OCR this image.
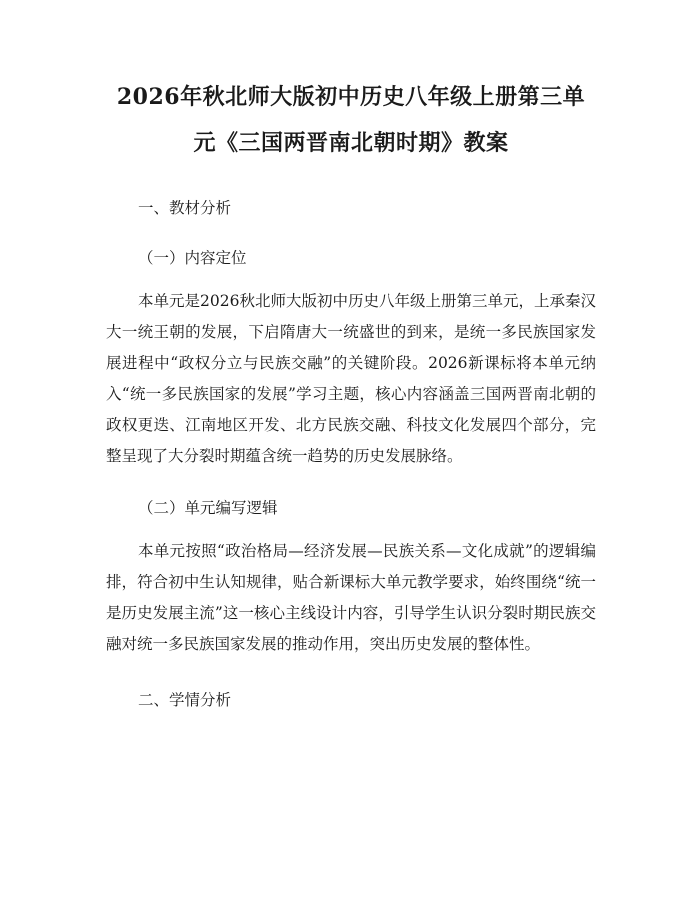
2026年秋北师大版初中历史八年级上册第三单元《三国两晋南北朝时期》教案
一、教材分析
（一）内容定位

本单元是2026秋北师大版初中历史八年级上册第三单元，上承秦汉大一统王朝的发展，下启隋唐大一统盛世的到来，是统一多民族国家发展进程中“政权分立与民族交融”的关键阶段。2026新课标将本单元纳入“统一多民族国家的发展”学习主题，核心内容涵盖三国两晋南北朝的政权更迭、江南地区开发、北方民族交融、科技文化发展四个部分，完整呈现了大分裂时期蕴含统一趋势的历史发展脉络。

（二）单元编写逻辑

本单元按照“政治格局—经济发展—民族关系—文化成就”的逻辑编排，符合初中生认知规律，贴合新课标大单元教学要求，始终围绕“统一是历史发展主流”这一核心主线设计内容，引导学生认识分裂时期民族交融对统一多民族国家发展的推动作用，突出历史发展的整体性。

二、学情分析
